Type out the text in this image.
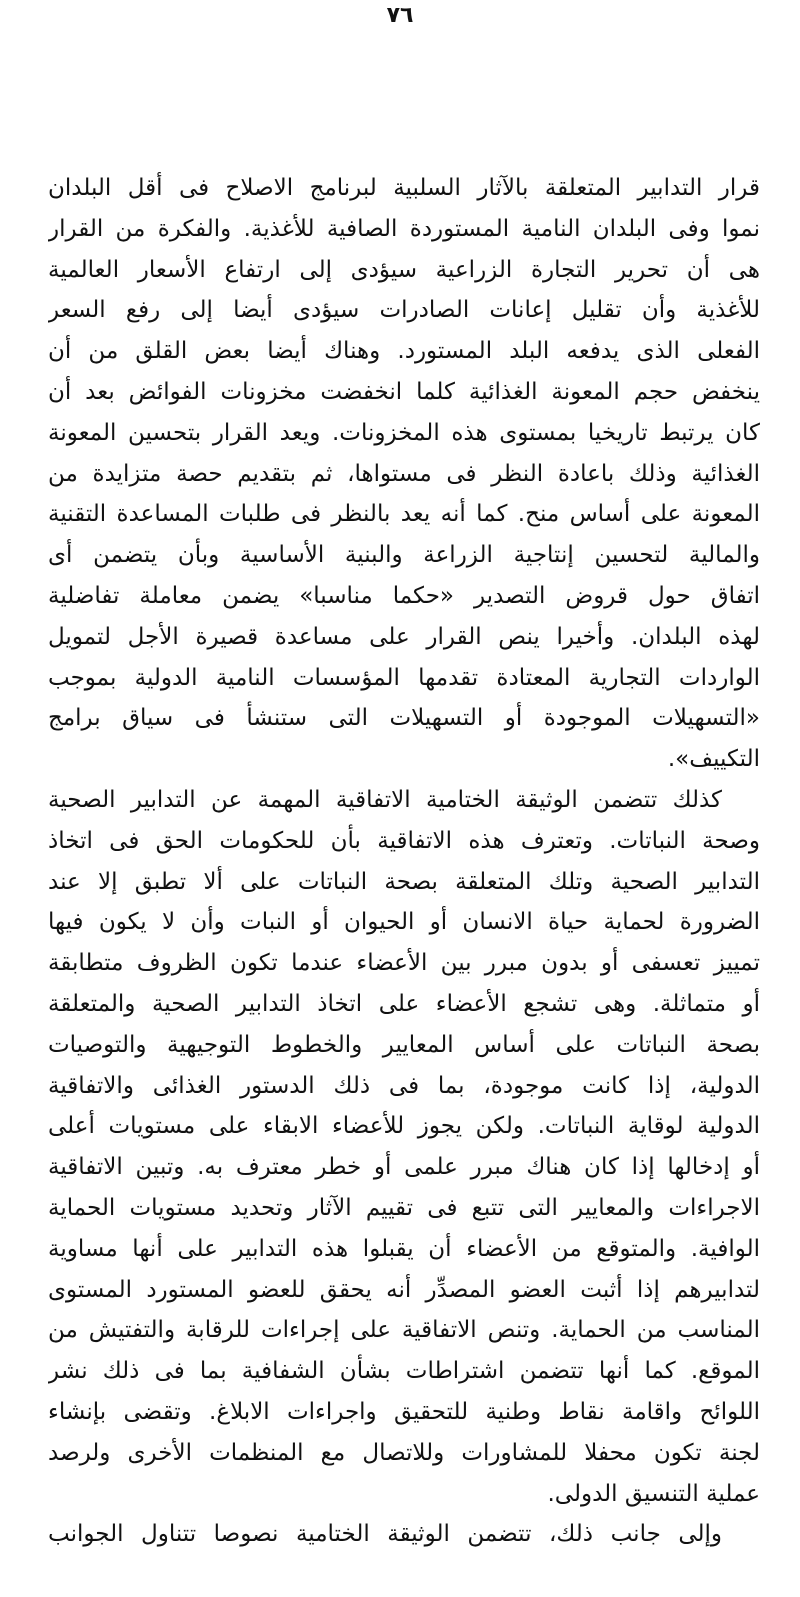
٧٦
قرار التدابير المتعلقة بالآثار السلبية لبرنامج الاصلاح فى أقل البلدان
نموا وفى البلدان النامية المستوردة الصافية للأغذية. والفكرة من القرار
هى أن تحرير التجارة الزراعية سيؤدى إلى ارتفاع الأسعار العالمية
للأغذية وأن تقليل إعانات الصادرات سيؤدى أيضا إلى رفع السعر
الفعلى الذى يدفعه البلد المستورد. وهناك أيضا بعض القلق من أن
ينخفض حجم المعونة الغذائية كلما انخفضت مخزونات الفوائض بعد أن
كان يرتبط تاريخيا بمستوى هذه المخزونات. ويعد القرار بتحسين المعونة
الغذائية وذلك باعادة النظر فى مستواها، ثم بتقديم حصة متزايدة من
المعونة على أساس منح. كما أنه يعد بالنظر فى طلبات المساعدة التقنية
والمالية لتحسين إنتاجية الزراعة والبنية الأساسية وبأن يتضمن أى
اتفاق حول قروض التصدير «حكما مناسبا» يضمن معاملة تفاضلية
لهذه البلدان. وأخيرا ينص القرار على مساعدة قصيرة الأجل لتمويل
الواردات التجارية المعتادة تقدمها المؤسسات النامية الدولية بموجب
«التسهيلات الموجودة أو التسهيلات التى ستنشأ فى سياق برامج
التكييف».
كذلك تتضمن الوثيقة الختامية الاتفاقية المهمة عن التدابير الصحية
وصحة النباتات. وتعترف هذه الاتفاقية بأن للحكومات الحق فى اتخاذ
التدابير الصحية وتلك المتعلقة بصحة النباتات على ألا تطبق إلا عند
الضرورة لحماية حياة الانسان أو الحيوان أو النبات وأن لا يكون فيها
تمييز تعسفى أو بدون مبرر بين الأعضاء عندما تكون الظروف متطابقة
أو متماثلة. وهى تشجع الأعضاء على اتخاذ التدابير الصحية والمتعلقة
بصحة النباتات على أساس المعايير والخطوط التوجيهية والتوصيات
الدولية، إذا كانت موجودة، بما فى ذلك الدستور الغذائى والاتفاقية
الدولية لوقاية النباتات. ولكن يجوز للأعضاء الابقاء على مستويات أعلى
أو إدخالها إذا كان هناك مبرر علمى أو خطر معترف به. وتبين الاتفاقية
الاجراءات والمعايير التى تتبع فى تقييم الآثار وتحديد مستويات الحماية
الوافية. والمتوقع من الأعضاء أن يقبلوا هذه التدابير على أنها مساوية
لتدابيرهم إذا أثبت العضو المصدِّر أنه يحقق للعضو المستورد المستوى
المناسب من الحماية. وتنص الاتفاقية على إجراءات للرقابة والتفتيش من
الموقع. كما أنها تتضمن اشتراطات بشأن الشفافية بما فى ذلك نشر
اللوائح واقامة نقاط وطنية للتحقيق واجراءات الابلاغ. وتقضى بإنشاء
لجنة تكون محفلا للمشاورات وللاتصال مع المنظمات الأخرى ولرصد
عملية التنسيق الدولى.
وإلى جانب ذلك، تتضمن الوثيقة الختامية نصوصا تتناول الجوانب
